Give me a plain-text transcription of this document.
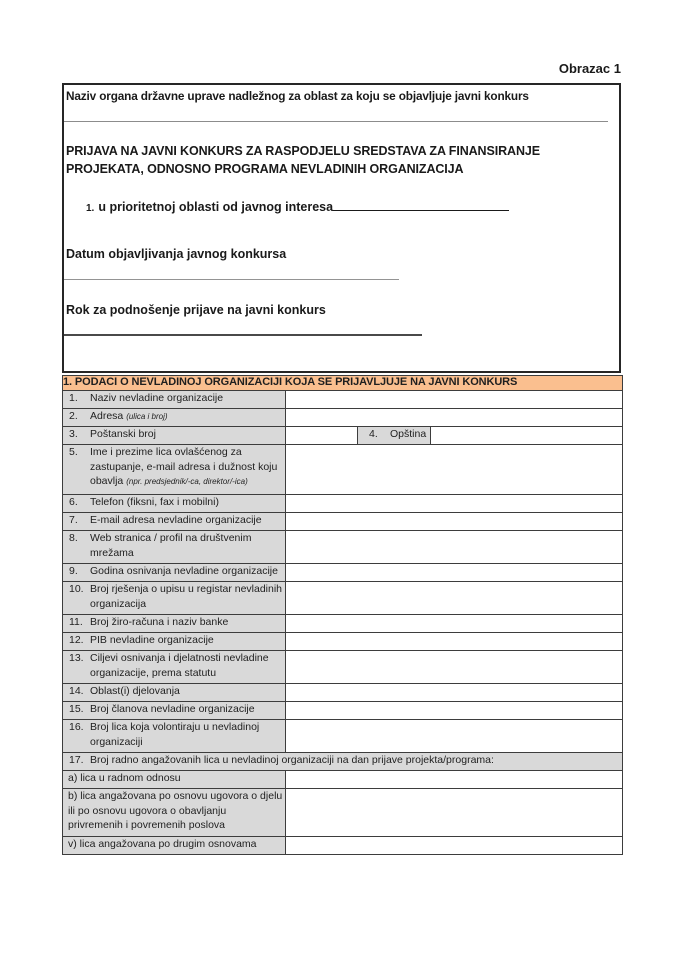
Obrazac 1
Naziv organa državne uprave nadležnog za oblast za koju se objavljuje javni konkurs
PRIJAVA NA JAVNI KONKURS ZA RASPODJELU SREDSTAVA ZA FINANSIRANJE PROJEKATA, ODNOSNO PROGRAMA NEVLADINIH ORGANIZACIJA
1. u prioritetnoj oblasti od javnog interesa
Datum objavljivanja javnog konkursa
Rok za podnošenje prijave na javni konkurs
1. PODACI O NEVLADINOJ ORGANIZACIJI KOJA SE PRIJAVLJUJE NA JAVNI KONKURS			

1. Naziv nevladine organizacije			

2. Adresa (ulica i broj)			

3. Poštanski broj		4. Opština	

5. Ime i prezime lica ovlašćenog za zastupanje, e-mail adresa i dužnost koju obavlja (npr. predsjednik/-ca, direktor/-ica)			

6. Telefon (fiksni, fax i mobilni)			

7. E-mail adresa nevladine organizacije			

8. Web stranica / profil na društvenim mrežama			

9. Godina osnivanja nevladine organizacije			

10. Broj rješenja o upisu u registar nevladinih organizacija			

11. Broj žiro-računa i naziv banke			

12. PIB nevladine organizacije			

13. Ciljevi osnivanja i djelatnosti nevladine organizacije, prema statutu			

14. Oblast(i) djelovanja			

15. Broj članova nevladine organizacije			

16. Broj lica koja volontiraju u nevladinoj organizaciji			

17. Broj radno angažovanih lica u nevladinoj organizaciji na dan prijave projekta/programa:			

a) lica u radnom odnosu			

b) lica angažovana po osnovu ugovora o djelu ili po osnovu ugovora o obavljanju privremenih i povremenih poslova			

v) lica angažovana po drugim osnovama			
